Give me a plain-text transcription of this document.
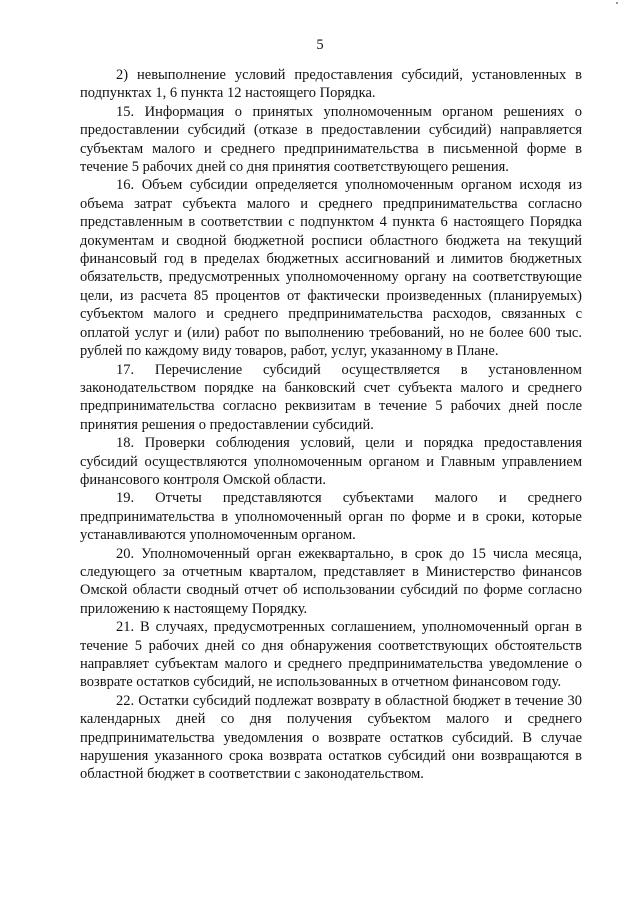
5

2) невыполнение условий предоставления субсидий, установленных в подпунктах 1, 6 пункта 12 настоящего Порядка.

15. Информация о принятых уполномоченным органом решениях о предоставлении субсидий (отказе в предоставлении субсидий) направляется субъектам малого и среднего предпринимательства в письменной форме в течение 5 рабочих дней со дня принятия соответствующего решения.

16. Объем субсидии определяется уполномоченным органом исходя из объема затрат субъекта малого и среднего предпринимательства согласно представленным в соответствии с подпунктом 4 пункта 6 настоящего Порядка документам и сводной бюджетной росписи областного бюджета на текущий финансовый год в пределах бюджетных ассигнований и лимитов бюджетных обязательств, предусмотренных уполномоченному органу на соответствующие цели, из расчета 85 процентов от фактически произведенных (планируемых) субъектом малого и среднего предпринимательства расходов, связанных с оплатой услуг и (или) работ по выполнению требований, но не более 600 тыс. рублей по каждому виду товаров, работ, услуг, указанному в Плане.

17. Перечисление субсидий осуществляется в установленном законодательством порядке на банковский счет субъекта малого и среднего предпринимательства согласно реквизитам в течение 5 рабочих дней после принятия решения о предоставлении субсидий.

18. Проверки соблюдения условий, цели и порядка предоставления субсидий осуществляются уполномоченным органом и Главным управлением финансового контроля Омской области.

19. Отчеты представляются субъектами малого и среднего предпринимательства в уполномоченный орган по форме и в сроки, которые устанавливаются уполномоченным органом.

20. Уполномоченный орган ежеквартально, в срок до 15 числа месяца, следующего за отчетным кварталом, представляет в Министерство финансов Омской области сводный отчет об использовании субсидий по форме согласно приложению к настоящему Порядку.

21. В случаях, предусмотренных соглашением, уполномоченный орган в течение 5 рабочих дней со дня обнаружения соответствующих обстоятельств направляет субъектам малого и среднего предпринимательства уведомление о возврате остатков субсидий, не использованных в отчетном финансовом году.

22. Остатки субсидий подлежат возврату в областной бюджет в течение 30 календарных дней со дня получения субъектом малого и среднего предпринимательства уведомления о возврате остатков субсидий. В случае нарушения указанного срока возврата остатков субсидий они возвращаются в областной бюджет в соответствии с законодательством.
